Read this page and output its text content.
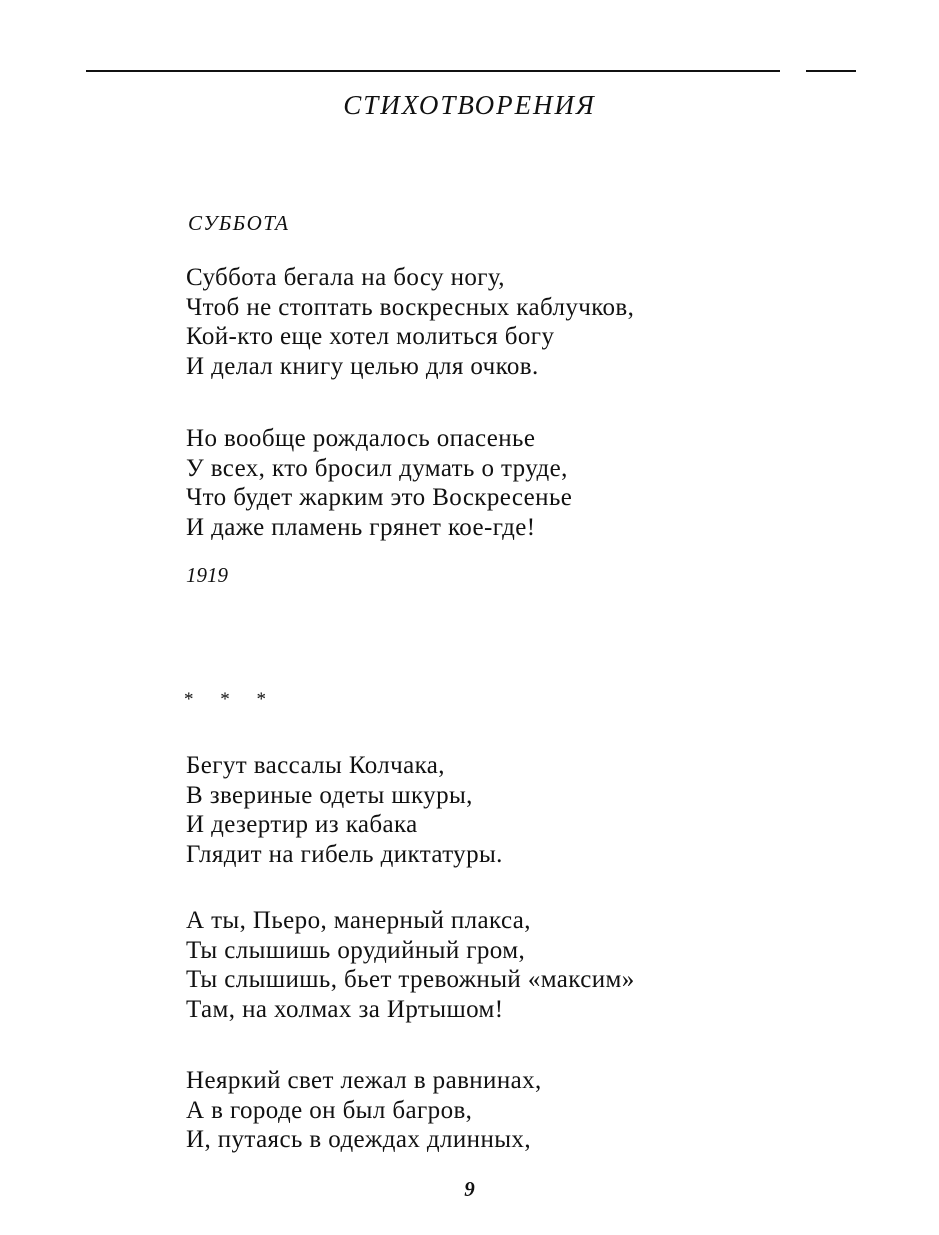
СТИХОТВОРЕНИЯ
СУББОТА
Суббота бегала на босу ногу,
Чтоб не стоптать воскресных каблучков,
Кой-кто еще хотел молиться богу
И делал книгу целью для очков.
Но вообще рождалось опасенье
У всех, кто бросил думать о труде,
Что будет жарким это Воскресенье
И даже пламень грянет кое-где!

1919

* * *

Бегут вассалы Колчака,
В звериные одеты шкуры,
И дезертир из кабака
Глядит на гибель диктатуры.
А ты, Пьеро, манерный плакса,
Ты слышишь орудийный гром,
Ты слышишь, бьет тревожный «максим»
Там, на холмах за Иртышом!
Неяркий свет лежал в равнинах,
А в городе он был багров,
И, путаясь в одеждах длинных,

9
